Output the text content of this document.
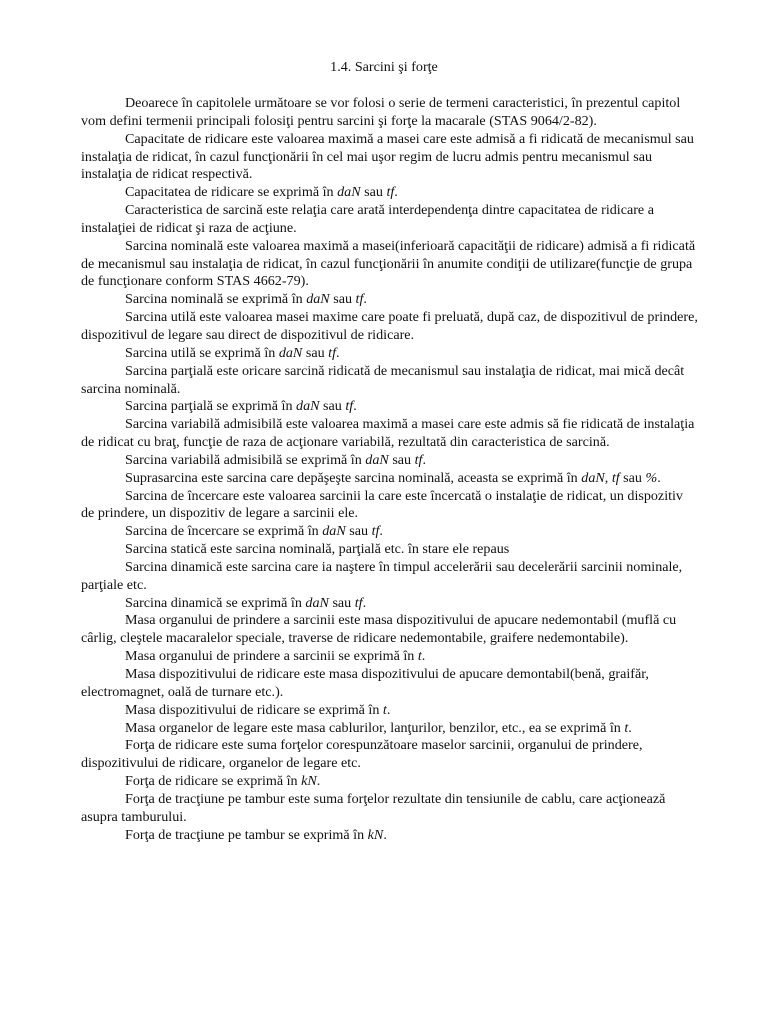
1.4. Sarcini şi forţe

Deoarece în capitolele următoare se vor folosi o serie de termeni caracteristici, în prezentul capitol vom defini termenii principali folosiţi pentru sarcini şi forţe la macarale (STAS 9064/2-82).

Capacitate de ridicare este valoarea maximă a masei care este admisă a fi ridicată de mecanismul sau instalaţia de ridicat, în cazul funcţionării în cel mai uşor regim de lucru admis pentru mecanismul sau instalaţia de ridicat respectivă.

Capacitatea de ridicare se exprimă în daN sau tf.

Caracteristica de sarcină este relaţia care arată interdependenţa dintre capacitatea de ridicare a instalaţiei de ridicat şi raza de acţiune.

Sarcina nominală este valoarea maximă a masei(inferioară capacităţii de ridicare) admisă a fi ridicată de mecanismul sau instalaţia de ridicat, în cazul funcţionării în anumite condiţii de utilizare(funcţie de grupa de funcţionare conform STAS 4662-79).

Sarcina nominală se exprimă în daN sau tf.

Sarcina utilă este valoarea masei maxime care poate fi preluată, după caz, de dispozitivul de prindere, dispozitivul de legare sau direct de dispozitivul de ridicare.

Sarcina utilă se exprimă în daN sau tf.

Sarcina parţială este oricare sarcină ridicată de mecanismul sau instalaţia de ridicat, mai mică decât sarcina nominală.

Sarcina parţială se exprimă în daN sau tf.

Sarcina variabilă admisibilă este valoarea maximă a masei care este admis să fie ridicată de instalaţia de ridicat cu braţ, funcţie de raza de acţionare variabilă, rezultată din caracteristica de sarcină.

Sarcina variabilă admisibilă se exprimă în daN sau tf.

Suprasarcina este sarcina care depăşeşte sarcina nominală, aceasta se exprimă în daN, tf sau %.

Sarcina de încercare este valoarea sarcinii la care este încercată o instalaţie de ridicat, un dispozitiv de prindere, un dispozitiv de legare a sarcinii ele.

Sarcina de încercare se exprimă în daN sau tf.

Sarcina statică este sarcina nominală, parţială etc. în stare ele repaus

Sarcina dinamică este sarcina care ia naştere în timpul accelerării sau decelerării sarcinii nominale, parţiale etc.

Sarcina dinamică se exprimă în daN sau tf.

Masa organului de prindere a sarcinii este masa dispozitivului de apucare nedemontabil (muflă cu cârlig, cleştele macaralelor speciale, traverse de ridicare nedemontabile, graifere nedemontabile).

Masa organului de prindere a sarcinii se exprimă în t.

Masa dispozitivului de ridicare este masa dispozitivului de apucare demontabil(benă, graifăr, electromagnet, oală de turnare etc.).

Masa dispozitivului de ridicare se exprimă în t.

Masa organelor de legare este masa cablurilor, lanţurilor, benzilor, etc., ea se exprimă în t.

Forţa de ridicare este suma forţelor corespunzătoare maselor sarcinii, organului de prindere, dispozitivului de ridicare, organelor de legare etc.

Forţa de ridicare se exprimă în kN.

Forţa de tracţiune pe tambur este suma forţelor rezultate din tensiunile de cablu, care acţionează asupra tamburului.

Forţa de tracţiune pe tambur se exprimă în kN.
